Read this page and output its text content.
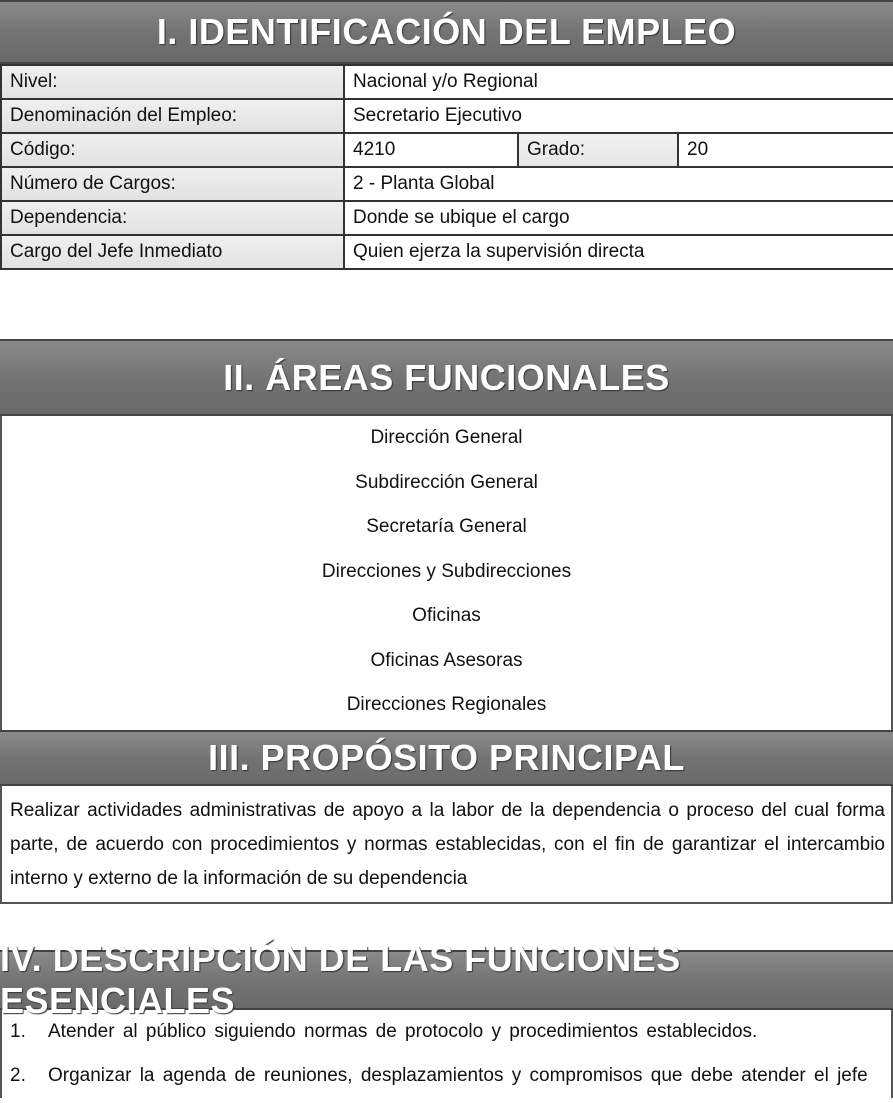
I. IDENTIFICACIÓN DEL EMPLEO
Nivel:	Nacional y/o Regional		
Denominación del Empleo:	Secretario Ejecutivo		
Código:	4210	Grado:	20
Número de Cargos:	2 - Planta Global		
Dependencia:	Donde se ubique el cargo		
Cargo del Jefe Inmediato	Quien ejerza la supervisión directa		
II. ÁREAS FUNCIONALES
Dirección General
Subdirección General
Secretaría General
Direcciones y Subdirecciones
Oficinas
Oficinas Asesoras
Direcciones Regionales
III. PROPÓSITO PRINCIPAL
Realizar actividades administrativas de apoyo a la labor de la dependencia o proceso del cual forma parte, de acuerdo con procedimientos y normas establecidas, con el fin de garantizar el intercambio interno y externo de la información de su dependencia
IV. DESCRIPCIÓN DE LAS FUNCIONES ESENCIALES
1.	Atender al público siguiendo normas de protocolo y procedimientos establecidos.
2.	Organizar la agenda de reuniones, desplazamientos y compromisos que debe atender el jefe
